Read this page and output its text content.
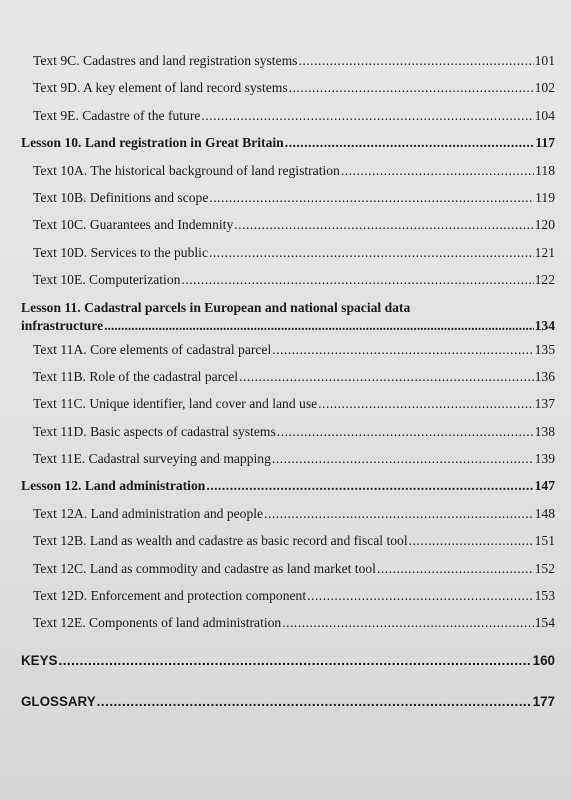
Text 9C. Cadastres and land registration systems .....	101
Text 9D. A key element of land record systems .....	102
Text 9E. Cadastre of the future .....	104
Lesson 10. Land registration in Great Britain .....	117
Text 10A. The historical background of land registration .....	118
Text 10B. Definitions and scope .....	119
Text 10C. Guarantees and Indemnity .....	120
Text 10D. Services to the public .....	121
Text 10E. Computerization .....	122
Lesson 11. Cadastral parcels in European and national spacial data
infrastructure .....	134
Text 11A. Core elements of cadastral parcel .....	135
Text 11B. Role of the cadastral parcel .....	136
Text 11C. Unique identifier, land cover and land use .....	137
Text 11D. Basic aspects of cadastral systems .....	138
Text 11E. Cadastral surveying and mapping .....	139
Lesson 12. Land administration .....	147
Text 12A. Land administration and people .....	148
Text 12B. Land as wealth and cadastre as basic record and fiscal tool .....	151
Text 12C. Land as commodity and cadastre as land market tool .....	152
Text 12D. Enforcement and protection component .....	153
Text 12E. Components of land administration .....	154
KEYS .....	160
GLOSSARY .....	177
